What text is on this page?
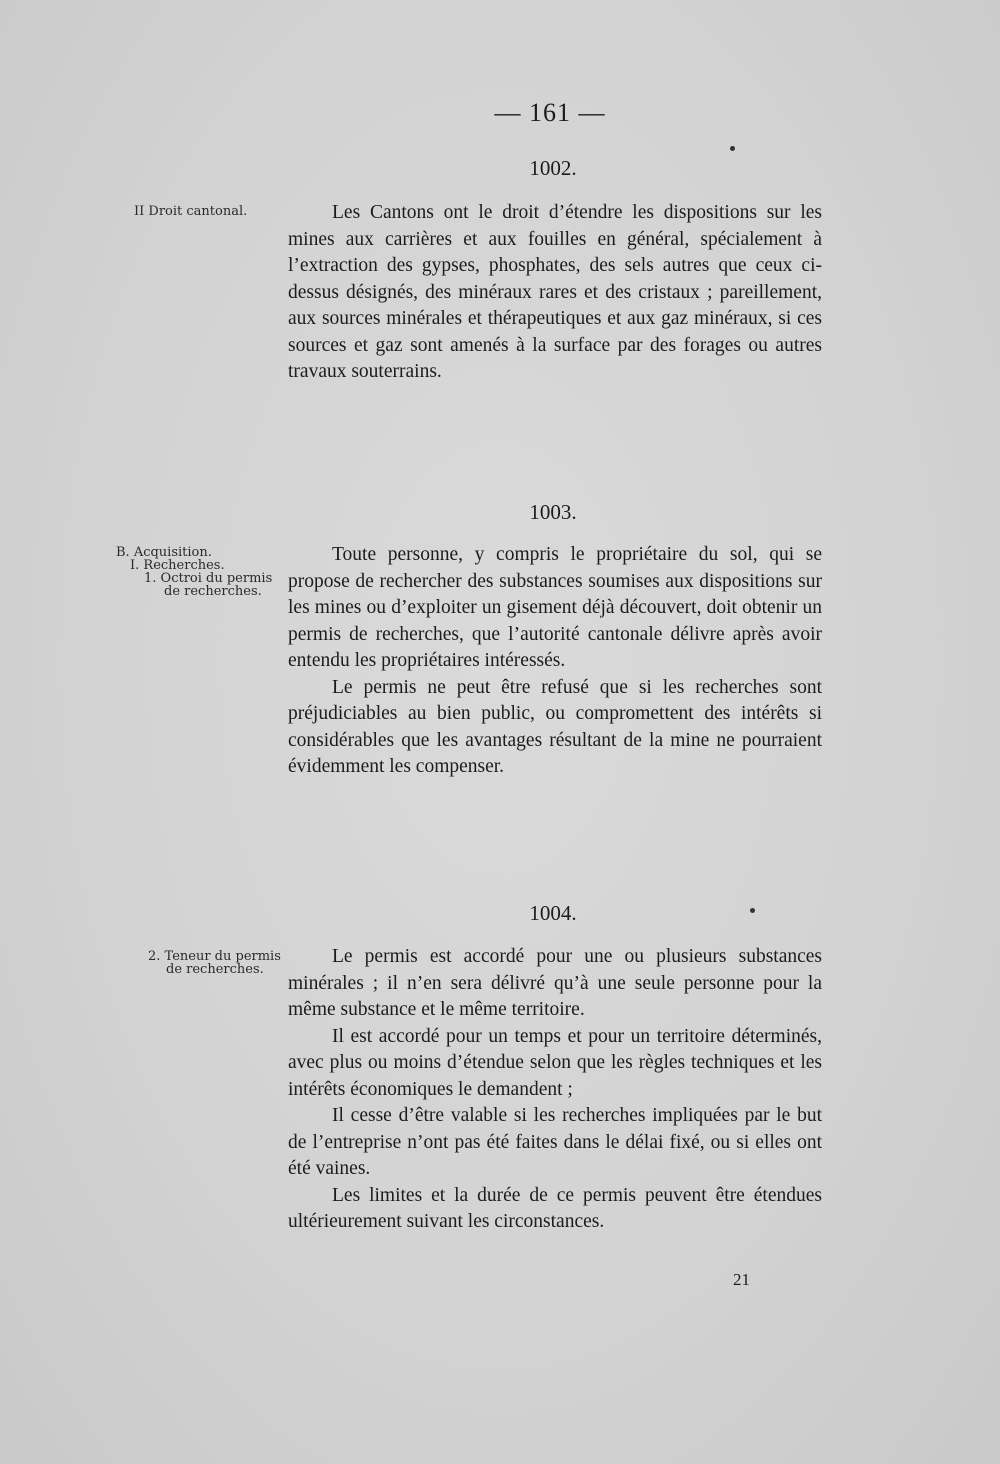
— 161 —
1002.
II Droit cantonal.	Les Cantons ont le droit d’étendre les dispositions sur les mines aux carrières et aux fouilles en général, spécialement à l’extraction des gypses, phosphates, des sels autres que ceux ci-dessus désignés, des minéraux rares et des cristaux ; pareillement, aux sources minérales et thérapeutiques et aux gaz minéraux, si ces sources et gaz sont amenés à la surface par des forages ou autres travaux souterrains.

1003.
B. Acquisition.
I. Recherches.
1. Octroi du permis
de recherches.

Toute personne, y compris le propriétaire du sol, qui se propose de rechercher des substances soumises aux dispositions sur les mines ou d’exploiter un gisement déjà découvert, doit obtenir un permis de recherches, que l’autorité cantonale délivre après avoir entendu les propriétaires intéressés.

Le permis ne peut être refusé que si les recherches sont préjudiciables au bien public, ou compromettent des intérêts si considérables que les avantages résultant de la mine ne pourraient évidemment les compenser.

1004.
2. Teneur du permis
de recherches.

Le permis est accordé pour une ou plusieurs substances minérales ; il n’en sera délivré qu’à une seule personne pour la même substance et le même territoire.

Il est accordé pour un temps et pour un territoire déterminés, avec plus ou moins d’étendue selon que les règles techniques et les intérêts économiques le demandent ;

Il cesse d’être valable si les recherches impliquées par le but de l’entreprise n’ont pas été faites dans le délai fixé, ou si elles ont été vaines.

Les limites et la durée de ce permis peuvent être étendues ultérieurement suivant les circonstances.

21
